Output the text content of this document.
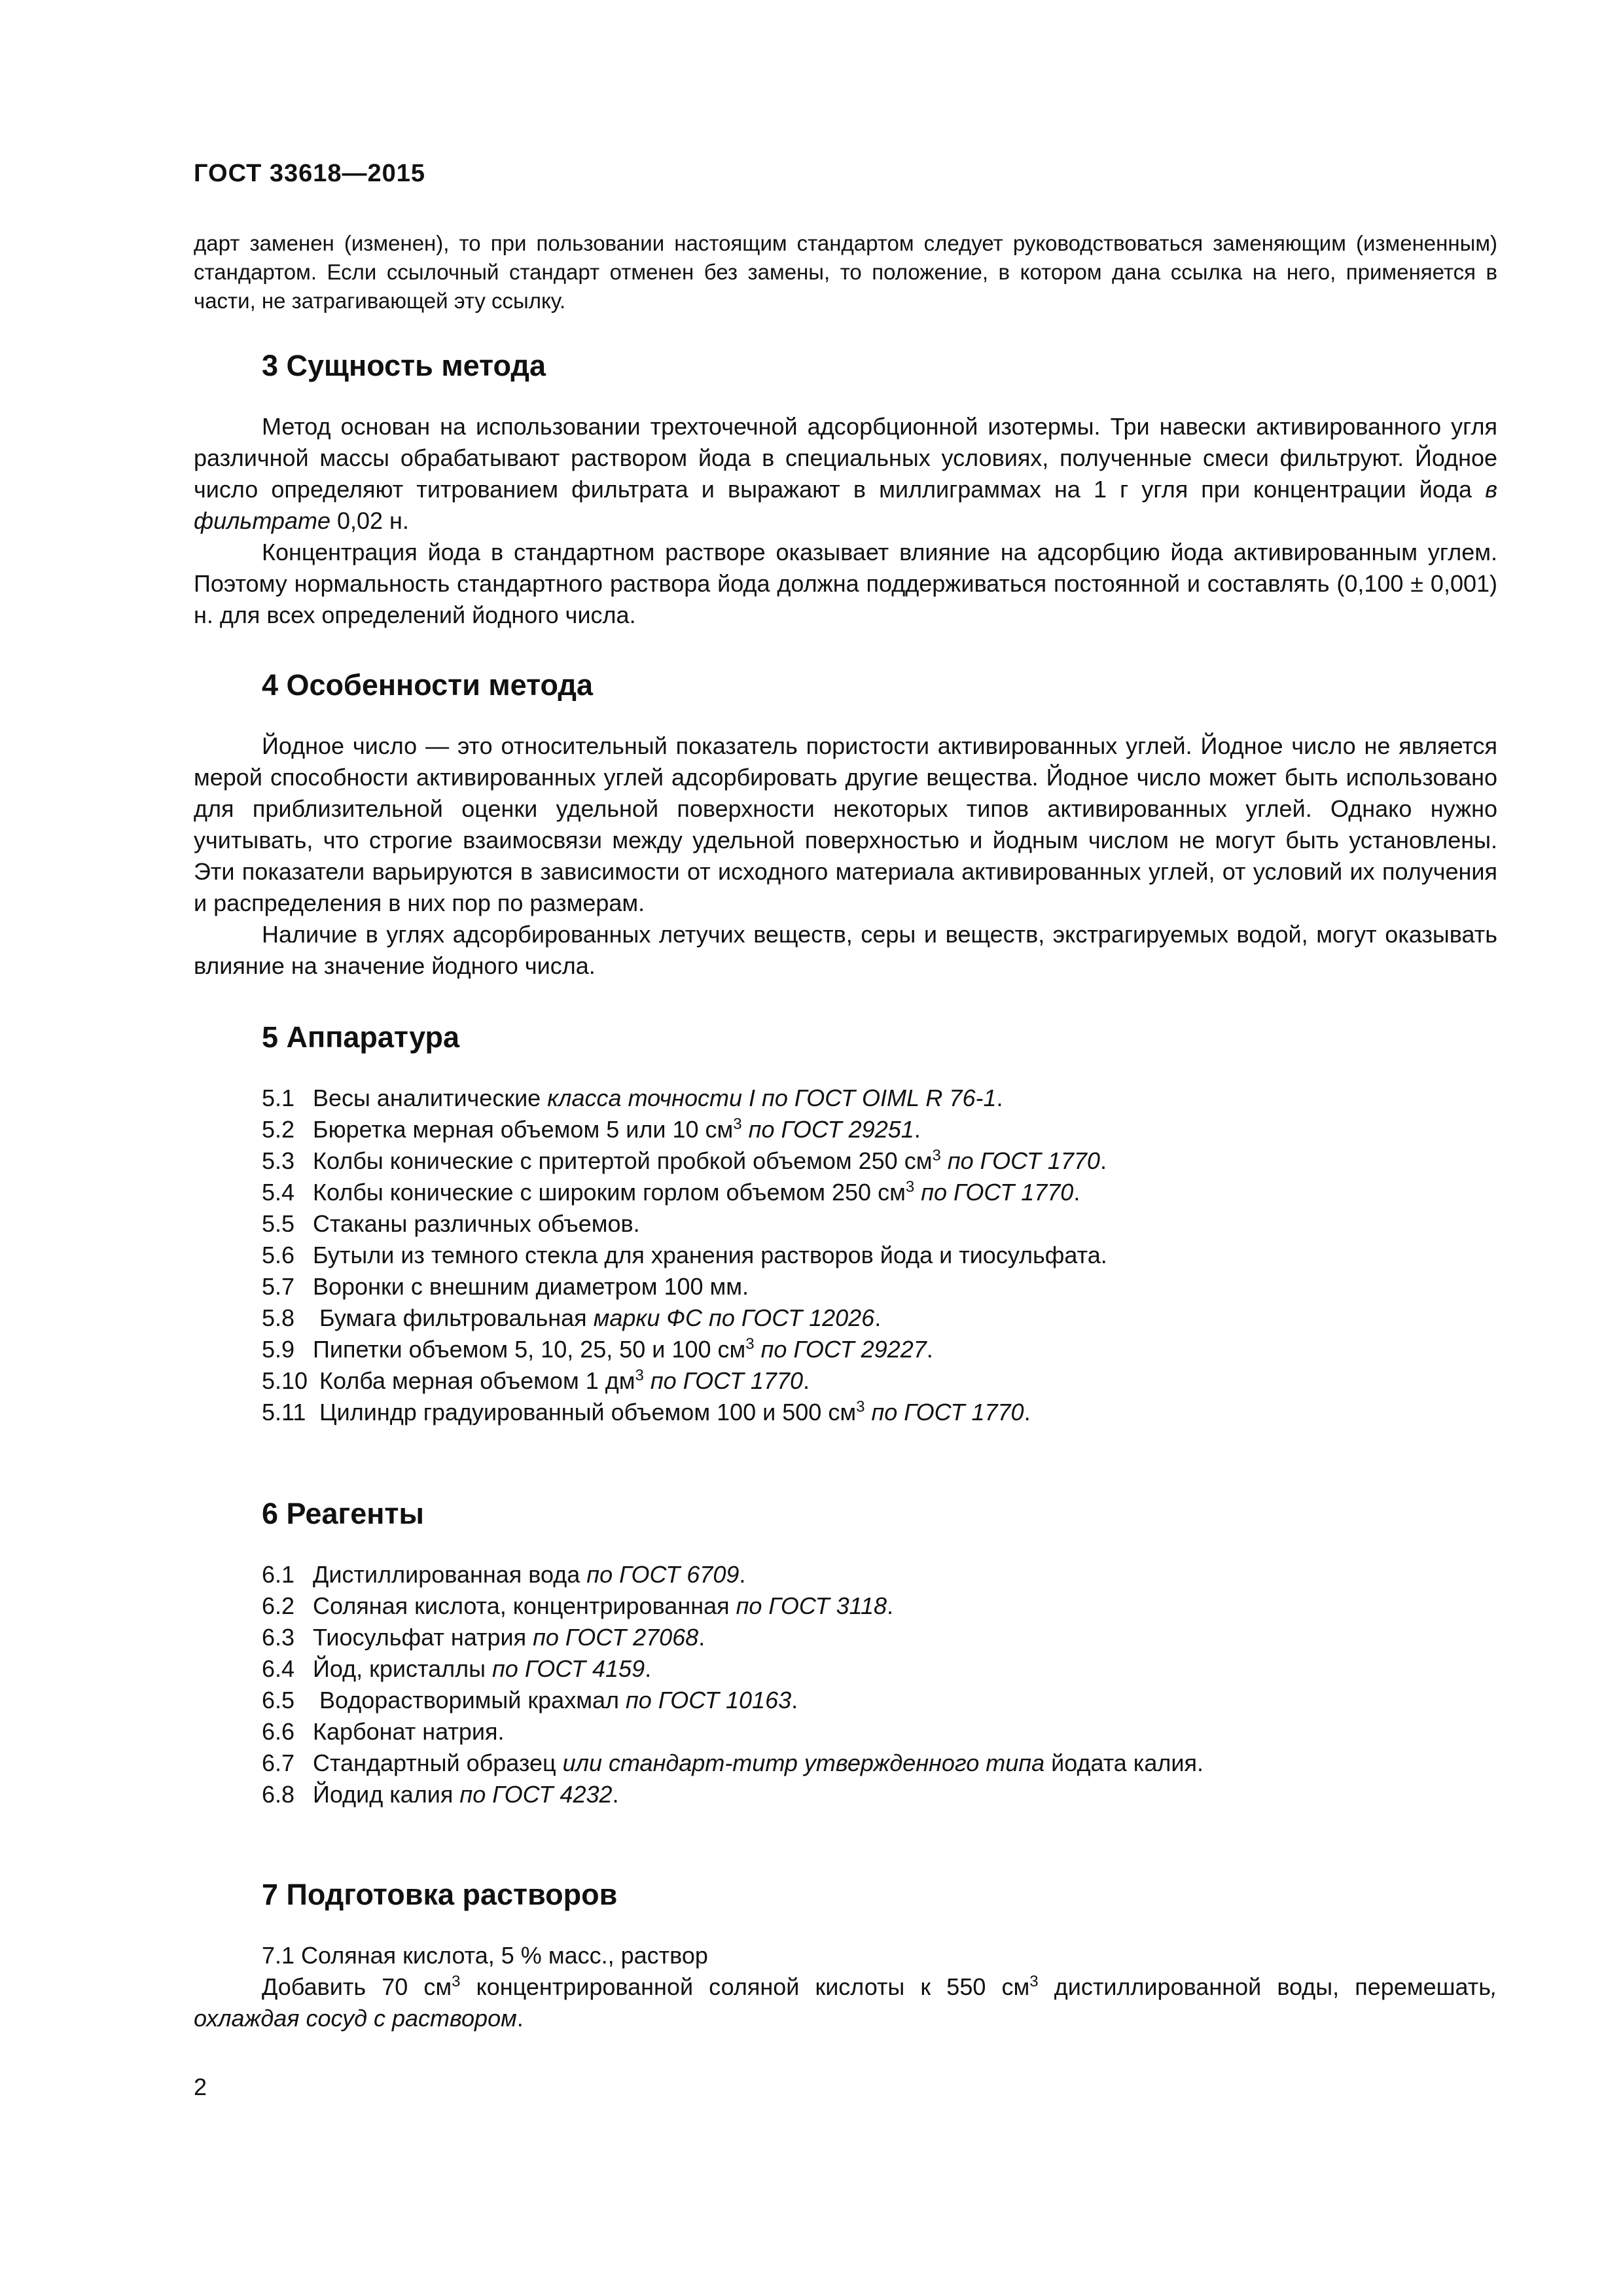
ГОСТ 33618—2015

дарт заменен (изменен), то при пользовании настоящим стандартом следует руководствоваться заменяющим (измененным) стандартом. Если ссылочный стандарт отменен без замены, то положение, в котором дана ссылка на него, применяется в части, не затрагивающей эту ссылку.

3 Сущность метода

Метод основан на использовании трехточечной адсорбционной изотермы. Три навески активированного угля различной массы обрабатывают раствором йода в специальных условиях, полученные смеси фильтруют. Йодное число определяют титрованием фильтрата и выражают в миллиграммах на 1 г угля при концентрации йода в фильтрате 0,02 н.

Концентрация йода в стандартном растворе оказывает влияние на адсорбцию йода активированным углем. Поэтому нормальность стандартного раствора йода должна поддерживаться постоянной и составлять (0,100 ± 0,001) н. для всех определений йодного числа.

4 Особенности метода

Йодное число — это относительный показатель пористости активированных углей. Йодное число не является мерой способности активированных углей адсорбировать другие вещества. Йодное число может быть использовано для приблизительной оценки удельной поверхности некоторых типов активированных углей. Однако нужно учитывать, что строгие взаимосвязи между удельной поверхностью и йодным числом не могут быть установлены. Эти показатели варьируются в зависимости от исходного материала активированных углей, от условий их получения и распределения в них пор по размерам.

Наличие в углях адсорбированных летучих веществ, серы и веществ, экстрагируемых водой, могут оказывать влияние на значение йодного числа.

5 Аппаратура
5.1 Весы аналитические класса точности I по ГОСТ OIML R 76-1.
5.2 Бюретка мерная объемом 5 или 10 $см^3$ по ГОСТ 29251.
5.3 Колбы конические с притертой пробкой объемом 250 $см^3$ по ГОСТ 1770.
5.4 Колбы конические с широким горлом объемом 250 $см^3$ по ГОСТ 1770.
5.5 Стаканы различных объемов.
5.6 Бутыли из темного стекла для хранения растворов йода и тиосульфата.
5.7 Воронки с внешним диаметром 100 мм.
5.8 Бумага фильтровальная марки ФС по ГОСТ 12026.
5.9 Пипетки объемом 5, 10, 25, 50 и 100 $см^3$ по ГОСТ 29227.
5.10 Колба мерная объемом 1 $дм^3$ по ГОСТ 1770.
5.11 Цилиндр градуированный объемом 100 и 500 $см^3$ по ГОСТ 1770.
6 Реагенты
6.1 Дистиллированная вода по ГОСТ 6709.
6.2 Соляная кислота, концентрированная по ГОСТ 3118.
6.3 Тиосульфат натрия по ГОСТ 27068.
6.4 Йод, кристаллы по ГОСТ 4159.
6.5 Водорастворимый крахмал по ГОСТ 10163.
6.6 Карбонат натрия.
6.7 Стандартный образец или стандарт-титр утвержденного типа йодата калия.
6.8 Йодид калия по ГОСТ 4232.
7 Подготовка растворов

7.1 Соляная кислота, 5 % масс., раствор

Добавить 70 $см^3$ концентрированной соляной кислоты к 550 $см^3$ дистиллированной воды, перемешать, охлаждая сосуд с раствором.

2
